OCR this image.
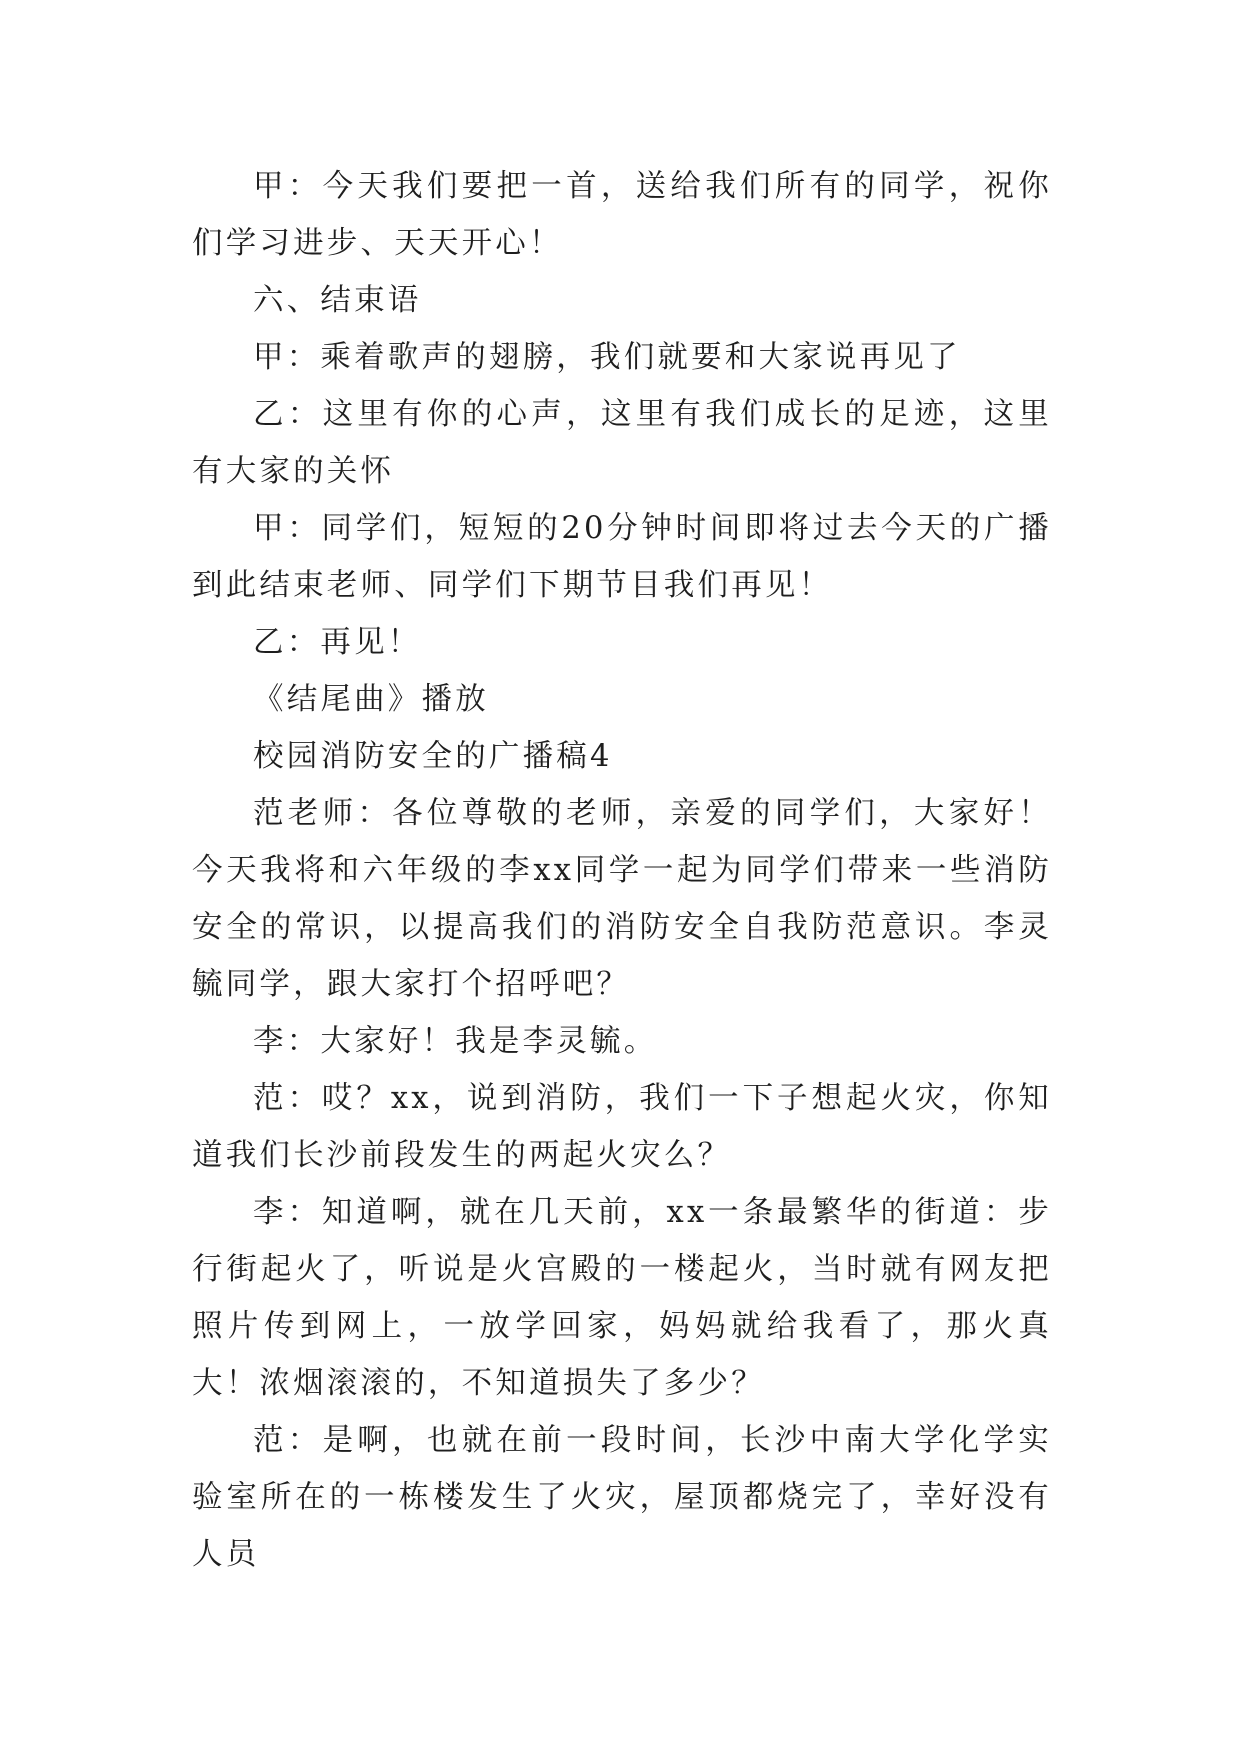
甲：今天我们要把一首，送给我们所有的同学，祝你们学习进步、天天开心！

六、结束语

甲：乘着歌声的翅膀，我们就要和大家说再见了

乙：这里有你的心声，这里有我们成长的足迹，这里有大家的关怀

甲：同学们，短短的20分钟时间即将过去今天的广播到此结束老师、同学们下期节目我们再见！

乙：再见！

《结尾曲》播放

校园消防安全的广播稿4

范老师：各位尊敬的老师，亲爱的同学们，大家好！今天我将和六年级的李xx同学一起为同学们带来一些消防安全的常识，以提高我们的消防安全自我防范意识。李灵毓同学，跟大家打个招呼吧？

李：大家好！我是李灵毓。

范：哎？xx，说到消防，我们一下子想起火灾，你知道我们长沙前段发生的两起火灾么？

李：知道啊，就在几天前，xx一条最繁华的街道：步行街起火了，听说是火宫殿的一楼起火，当时就有网友把照片传到网上，一放学回家，妈妈就给我看了，那火真大！浓烟滚滚的，不知道损失了多少？

范：是啊，也就在前一段时间，长沙中南大学化学实验室所在的一栋楼发生了火灾，屋顶都烧完了，幸好没有人员
